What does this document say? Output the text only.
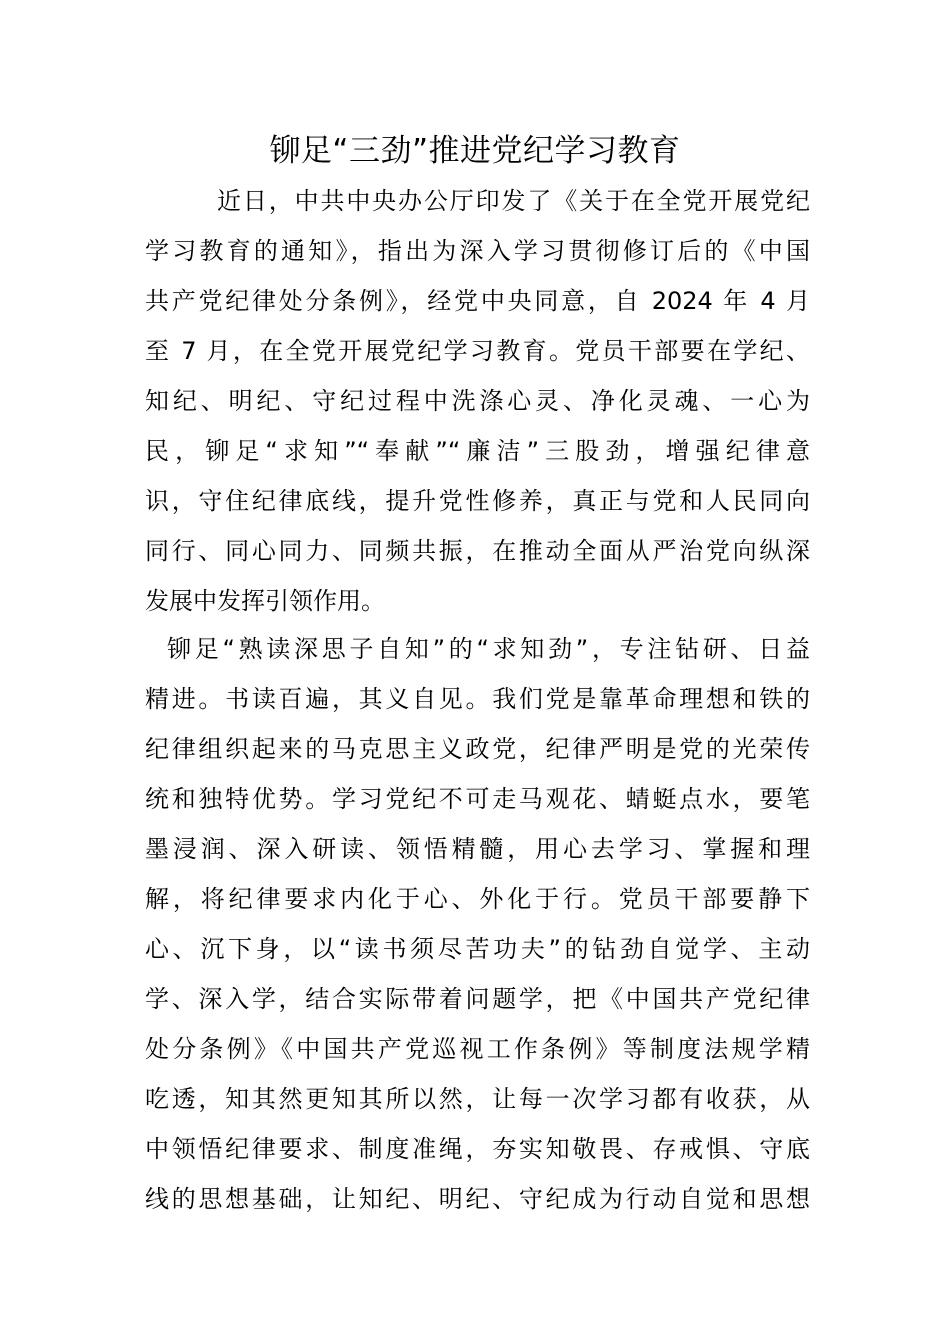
铆足“三劲”推进党纪学习教育
近日，中共中央办公厅印发了《关于在全党开展党纪
学习教育的通知》，指出为深入学习贯彻修订后的《中国
共产党纪律处分条例》，经党中央同意，自 2024 年 4 月
至 7 月，在全党开展党纪学习教育。党员干部要在学纪、
知纪、明纪、守纪过程中洗涤心灵、净化灵魂、一心为
民，铆足“求知”“奉献”“廉洁”三股劲，增强纪律意
识，守住纪律底线，提升党性修养，真正与党和人民同向
同行、同心同力、同频共振，在推动全面从严治党向纵深
发展中发挥引领作用。
铆足“熟读深思子自知”的“求知劲”，专注钻研、日益
精进。书读百遍，其义自见。我们党是靠革命理想和铁的
纪律组织起来的马克思主义政党，纪律严明是党的光荣传
统和独特优势。学习党纪不可走马观花、蜻蜓点水，要笔
墨浸润、深入研读、领悟精髓，用心去学习、掌握和理
解，将纪律要求内化于心、外化于行。党员干部要静下
心、沉下身，以“读书须尽苦功夫”的钻劲自觉学、主动
学、深入学，结合实际带着问题学，把《中国共产党纪律
处分条例》《中国共产党巡视工作条例》等制度法规学精
吃透，知其然更知其所以然，让每一次学习都有收获，从
中领悟纪律要求、制度准绳，夯实知敬畏、存戒惧、守底
线的思想基础，让知纪、明纪、守纪成为行动自觉和思想
